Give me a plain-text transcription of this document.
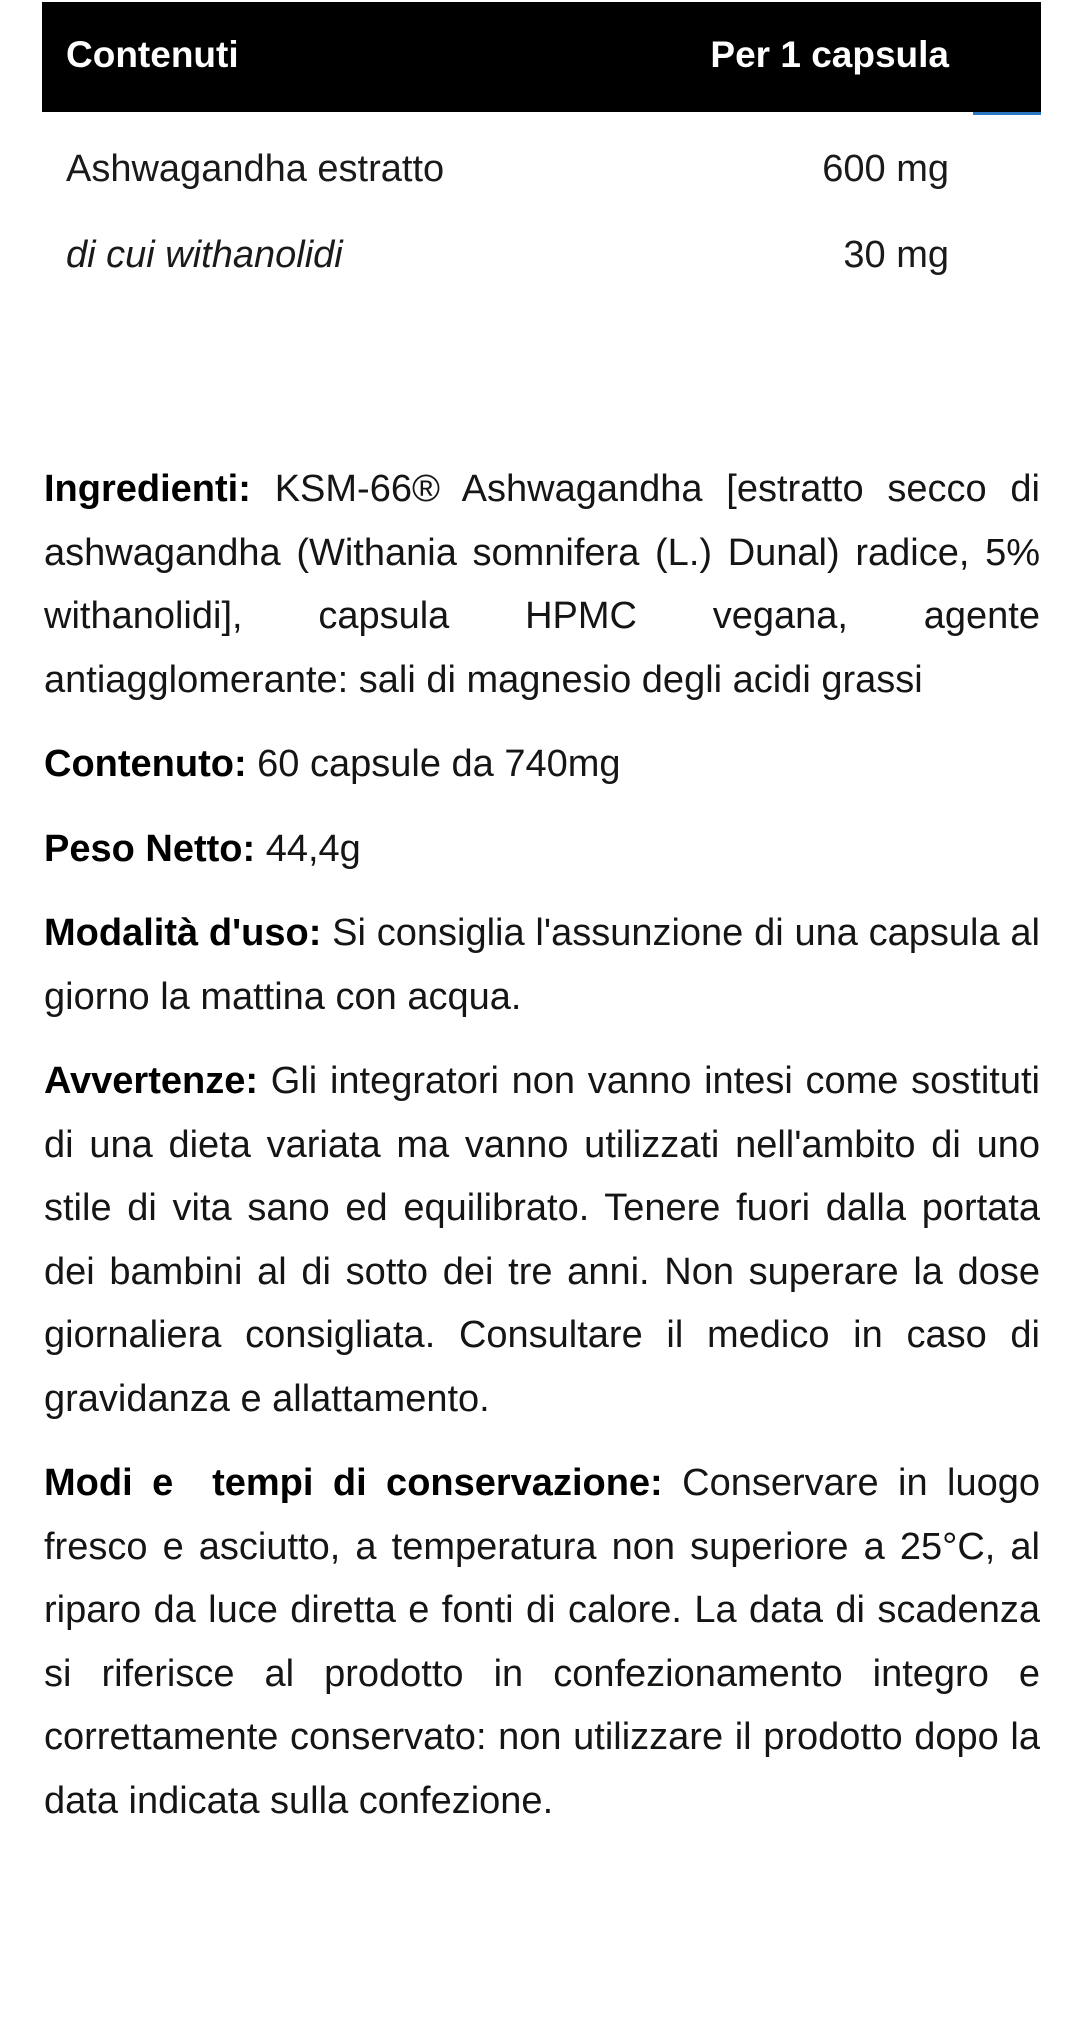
Contenuti	Per 1 capsula
Ashwagandha estratto	600 mg
di cui withanolidi	30 mg

Ingredienti: KSM-66® Ashwagandha [estratto secco di ashwagandha (Withania somnifera (L.) Dunal) radice, 5% withanolidi], capsula HPMC vegana, agente antiagglomerante: sali di magnesio degli acidi grassi

Contenuto: 60 capsule da 740mg

Peso Netto: 44,4g

Modalità d'uso: Si consiglia l'assunzione di una capsula al giorno la mattina con acqua.

Avvertenze: Gli integratori non vanno intesi come sostituti di una dieta variata ma vanno utilizzati nell'ambito di uno stile di vita sano ed equilibrato. Tenere fuori dalla portata dei bambini al di sotto dei tre anni. Non superare la dose giornaliera consigliata. Consultare il medico in caso di gravidanza e allattamento.

Modi e  tempi di conservazione: Conservare in luogo fresco e asciutto, a temperatura non superiore a 25°C, al riparo da luce diretta e fonti di calore. La data di scadenza si riferisce al prodotto in confezionamento integro e correttamente conservato: non utilizzare il prodotto dopo la data indicata sulla confezione.
